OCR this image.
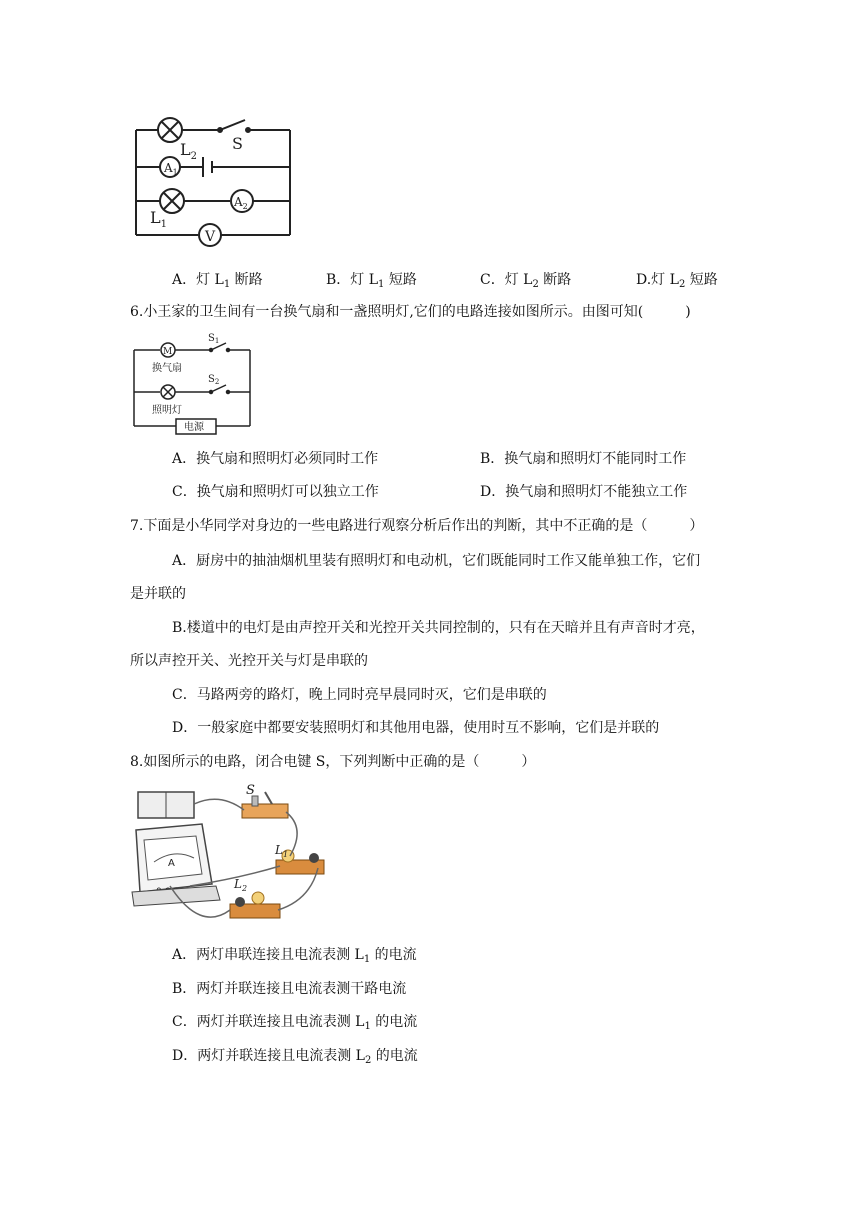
$L_2$
S
$A_1$
$A_2$
$L_1$
V
A．灯 $L_1$ 断路	B．灯 $L_1$ 短路	C．灯 $L_2$ 断路	D.灯 $L_2$ 短路
6.小王家的卫生间有一台换气扇和一盏照明灯,它们的电路连接如图所示。由图可知(　　　)
M
换气扇
$S_1$
$S_2$
照明灯
电源
A．换气扇和照明灯必须同时工作	B．换气扇和照明灯不能同时工作
C．换气扇和照明灯可以独立工作	D．换气扇和照明灯不能独立工作
7.下面是小华同学对身边的一些电路进行观察分析后作出的判断，其中不正确的是（　　　）
A．厨房中的抽油烟机里装有照明灯和电动机，它们既能同时工作又能单独工作，它们
是并联的
B.楼道中的电灯是由声控开关和光控开关共同控制的，只有在天暗并且有声音时才亮，
所以声控开关、光控开关与灯是串联的
C．马路两旁的路灯，晚上同时亮早晨同时灭，它们是串联的
D．一般家庭中都要安装照明灯和其他用电器，使用时互不影响，它们是并联的
8.如图所示的电路，闭合电键 S，下列判断中正确的是（　　　）
A
S
$L_1$
$L_2$
A．两灯串联连接且电流表测 $L_1$ 的电流
B．两灯并联连接且电流表测干路电流
C．两灯并联连接且电流表测 $L_1$ 的电流
D．两灯并联连接且电流表测 $L_2$ 的电流
